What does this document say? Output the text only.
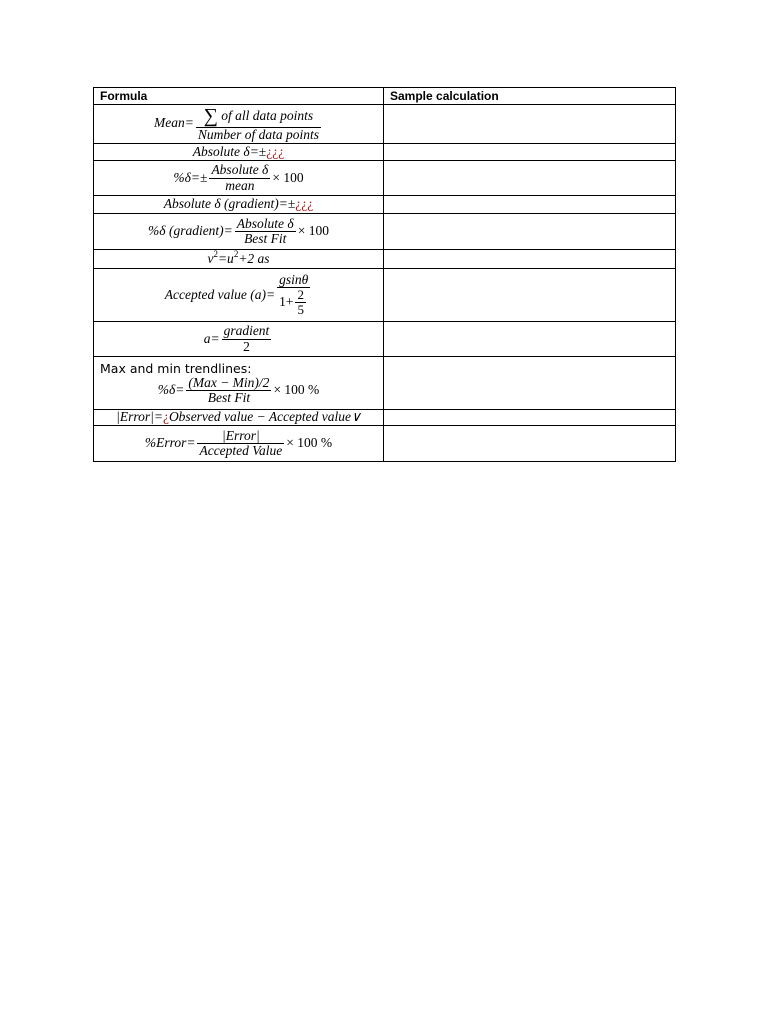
Formula	Sample calculation
Mean= $\frac{\text{∑ of all data points}}{\text{Number of data points}}$

Absolute δ=±¿¿¿	

$\%\delta=\pm \frac{\text{Absolute δ}}{\text{mean}} \times 100$	

Absolute δ (gradient)=±¿¿¿	

%δ (gradient)= $\frac{\text{Absolute δ}}{\text{Best Fit}} \times 100$	

$v^2=u^2+2$ as	

Accepted value $(a)= \frac{gsin\theta}{1+ \frac{2}{5}}$

$a= \frac{\text{gradient}}{2}$

Max and min trendlines:
$\%\delta= \frac{\text{(Max − Min)/2}}{\text{Best Fit}} \times 100$ %	

|Error|=¿Observed value − Accepted value∨	

%Error= $\frac{\text{|Error|}}{\text{Accepted Value}} \times 100$ %	
